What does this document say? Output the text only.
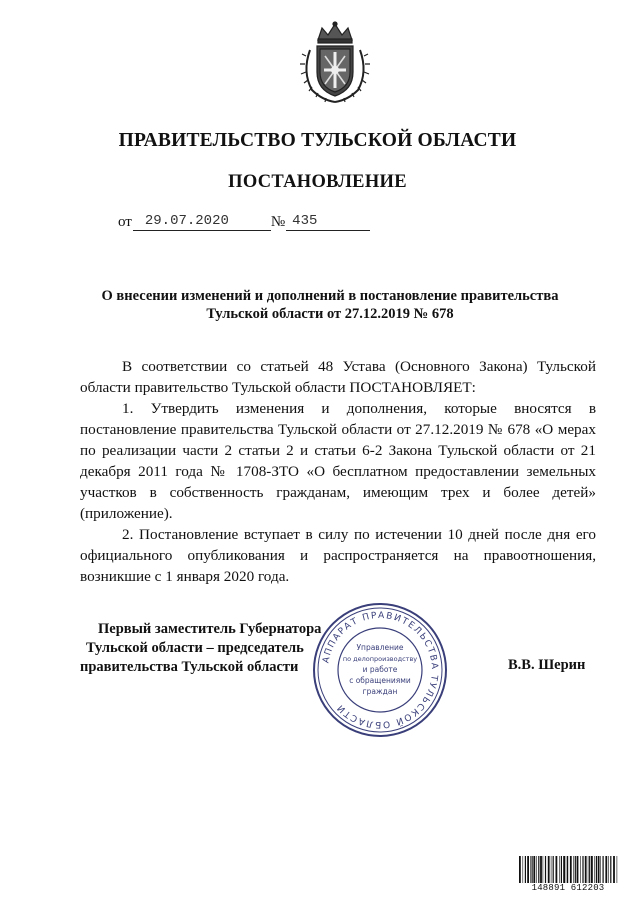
ПРАВИТЕЛЬСТВО ТУЛЬСКОЙ ОБЛАСТИ
ПОСТАНОВЛЕНИЕ
от 29.07.2020	№ 435
О внесении изменений и дополнений в постановление правительства
Тульской области от 27.12.2019 № 678

В соответствии со статьей 48 Устава (Основного Закона) Тульской области правительство Тульской области ПОСТАНОВЛЯЕТ:

1. Утвердить изменения и дополнения, которые вносятся в постановление правительства Тульской области от 27.12.2019 № 678 «О мерах по реализации части 2 статьи 2 и статьи 6-2 Закона Тульской области от 21 декабря 2011 года № 1708-ЗТО «О бесплатном предоставлении земельных участков в собственность гражданам, имеющим трех и более детей» (приложение).

2. Постановление вступает в силу по истечении 10 дней после дня его официального опубликования и распространяется на правоотношения, возникшие с 1 января 2020 года.

Первый заместитель Губернатора
Тульской области – председатель
правительства Тульской области	АППАРАТ ПРАВИТЕЛЬСТВА ТУЛЬСКОЙ ОБЛАСТИ
Управление
по делопроизводству
и работе
с обращениями
граждан
В.В. Шерин
148891 612203
